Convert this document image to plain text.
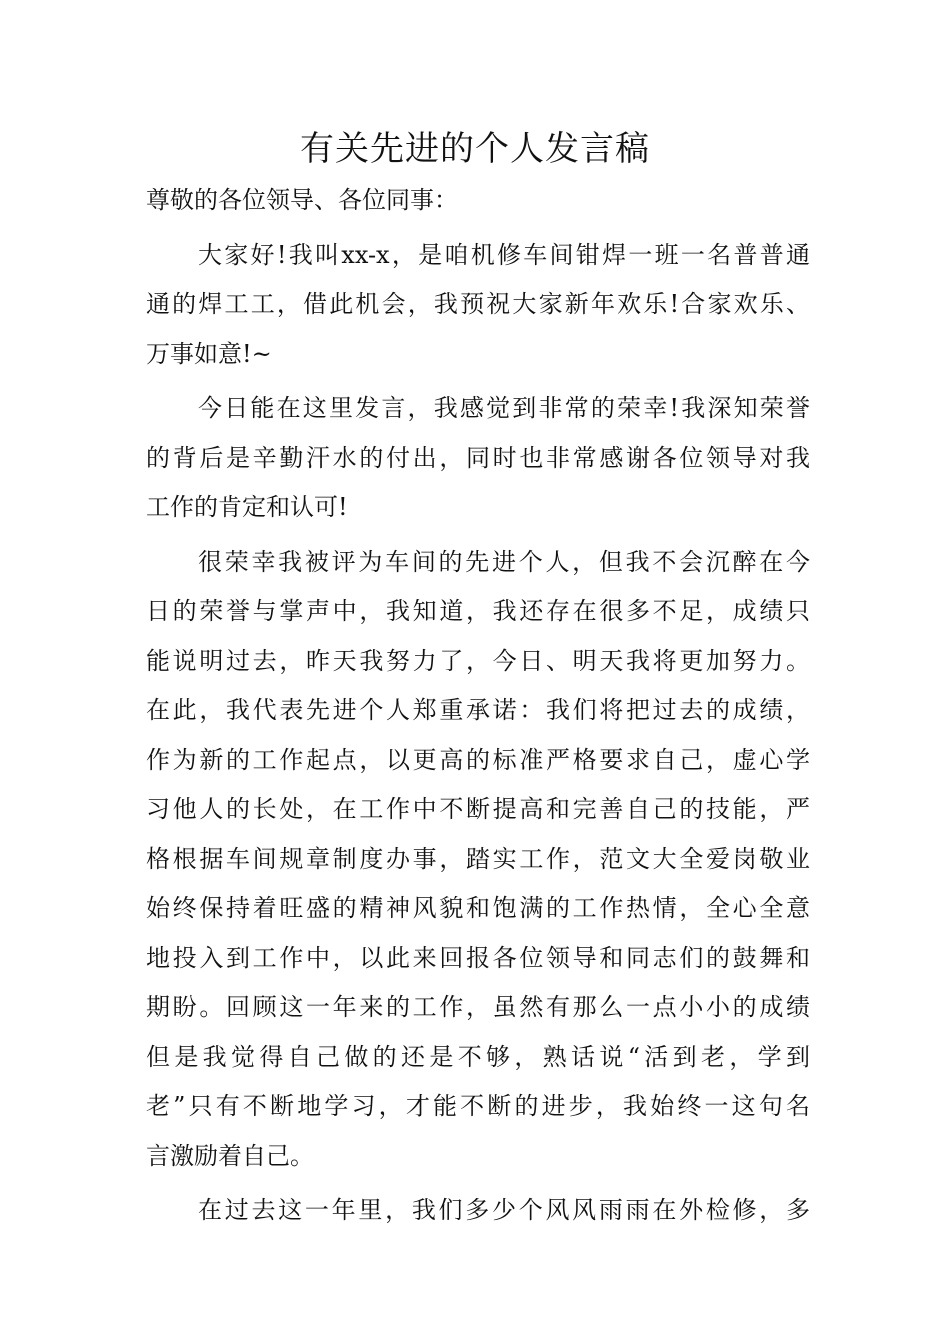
有关先进的个人发言稿
尊敬的各位领导、各位同事：
大家好!我叫xx-x，是咱机修车间钳焊一班一名普普通
通的焊工工，借此机会，我预祝大家新年欢乐!合家欢乐、
万事如意!~
今日能在这里发言，我感觉到非常的荣幸!我深知荣誉
的背后是辛勤汗水的付出，同时也非常感谢各位领导对我
工作的肯定和认可!
很荣幸我被评为车间的先进个人，但我不会沉醉在今
日的荣誉与掌声中，我知道，我还存在很多不足，成绩只
能说明过去，昨天我努力了，今日、明天我将更加努力。
在此，我代表先进个人郑重承诺：我们将把过去的成绩，
作为新的工作起点，以更高的标准严格要求自己，虚心学
习他人的长处，在工作中不断提高和完善自己的技能，严
格根据车间规章制度办事，踏实工作，范文大全爱岗敬业
始终保持着旺盛的精神风貌和饱满的工作热情，全心全意
地投入到工作中，以此来回报各位领导和同志们的鼓舞和
期盼。回顾这一年来的工作，虽然有那么一点小小的成绩
但是我觉得自己做的还是不够，熟话说“活到老，学到
老”只有不断地学习，才能不断的进步，我始终一这句名
言激励着自己。
在过去这一年里，我们多少个风风雨雨在外检修，多
